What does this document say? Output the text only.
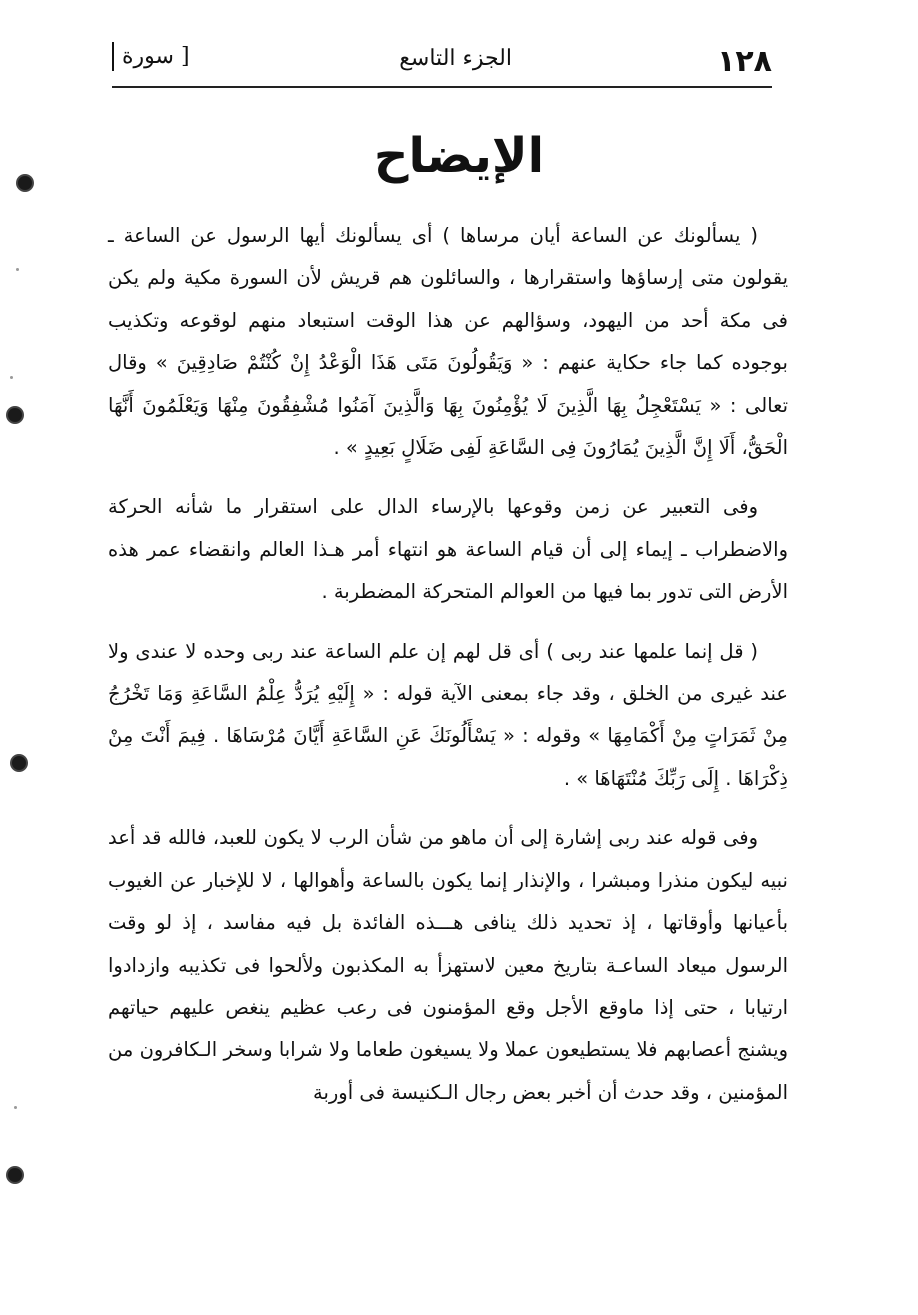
١٢٨
الجزء التاسع
[ سورة
الإيضاح

( يسألونك عن الساعة أيان مرساها ) أى يسألونك أيها الرسول عن الساعة ـ يقولون متى إرساؤها واستقرارها ، والسائلون هم قريش لأن السورة مكية ولم يكن فى مكة أحد من اليهود، وسؤالهم عن هذا الوقت استبعاد منهم لوقوعه وتكذيب بوجوده كما جاء حكاية عنهم : « وَيَقُولُونَ مَتَى هَذَا الْوَعْدُ إِنْ كُنْتُمْ صَادِقِينَ » وقال تعالى : « يَسْتَعْجِلُ بِهَا الَّذِينَ لَا يُؤْمِنُونَ بِهَا وَالَّذِينَ آمَنُوا مُشْفِقُونَ مِنْهَا وَيَعْلَمُونَ أَنَّهَا الْحَقُّ، أَلَا إِنَّ الَّذِينَ يُمَارُونَ فِى السَّاعَةِ لَفِى ضَلَالٍ بَعِيدٍ » .

وفى التعبير عن زمن وقوعها بالإرساء الدال على استقرار ما شأنه الحركة والاضطراب ـ إيماء إلى أن قيام الساعة هو انتهاء أمر هـذا العالم وانقضاء عمر هذه الأرض التى تدور بما فيها من العوالم المتحركة المضطربة .

( قل إنما علمها عند ربى ) أى قل لهم إن علم الساعة عند ربى وحده لا عندى ولا عند غيرى من الخلق ، وقد جاء بمعنى الآية قوله : « إِلَيْهِ يُرَدُّ عِلْمُ السَّاعَةِ وَمَا تَخْرُجُ مِنْ ثَمَرَاتٍ مِنْ أَكْمَامِهَا » وقوله : « يَسْأَلُونَكَ عَنِ السَّاعَةِ أَيَّانَ مُرْسَاهَا . فِيمَ أَنْتَ مِنْ ذِكْرَاهَا . إِلَى رَبِّكَ مُنْتَهَاهَا » .

وفى قوله عند ربى إشارة إلى أن ماهو من شأن الرب لا يكون للعبد، فالله قد أعد نبيه ليكون منذرا ومبشرا ، والإنذار إنما يكون بالساعة وأهوالها ، لا للإخبار عن الغيوب بأعيانها وأوقاتها ، إذ تحديد ذلك ينافى هـــذه الفائدة بل فيه مفاسد ، إذ لو وقت الرسول ميعاد الساعـة بتاريخ معين لاستهزأ به المكذبون ولألحوا فى تكذيبه وازدادوا ارتيابا ، حتى إذا ماوقع الأجل وقع المؤمنون فى رعب عظيم ينغص عليهم حياتهم ويشنج أعصابهم فلا يستطيعون عملا ولا يسيغون طعاما ولا شرابا وسخر الـكافرون من المؤمنين ، وقد حدث أن أخبر بعض رجال الـكنيسة فى أوربة
